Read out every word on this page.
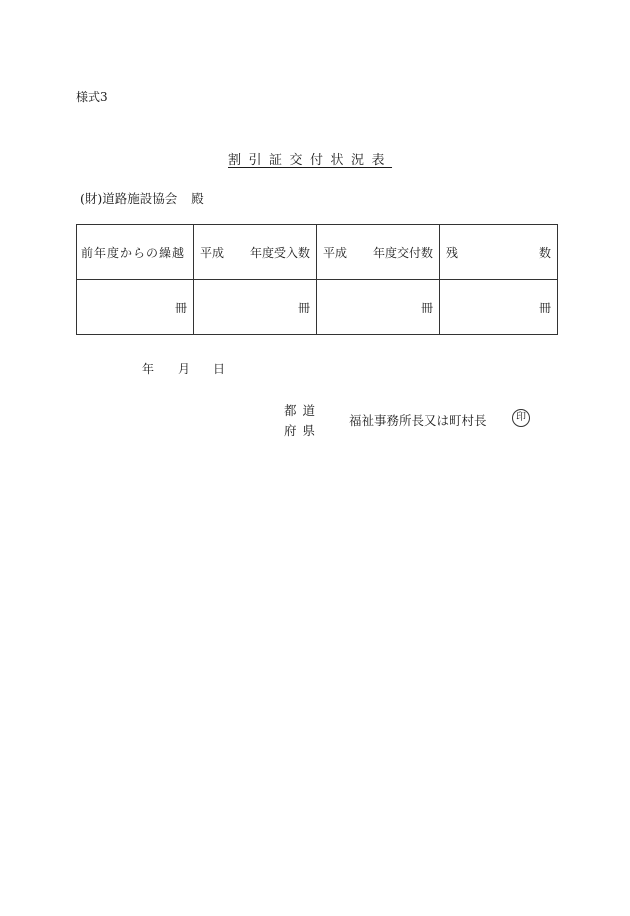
様式3
割引証交付状況表
(財)道路施設協会 殿
前年度からの繰越	平成 年度受入数	平成 年度交付数	残 数

冊	冊	冊	冊
年 月 日
都道
府県
福祉事務所長又は町村長	印
